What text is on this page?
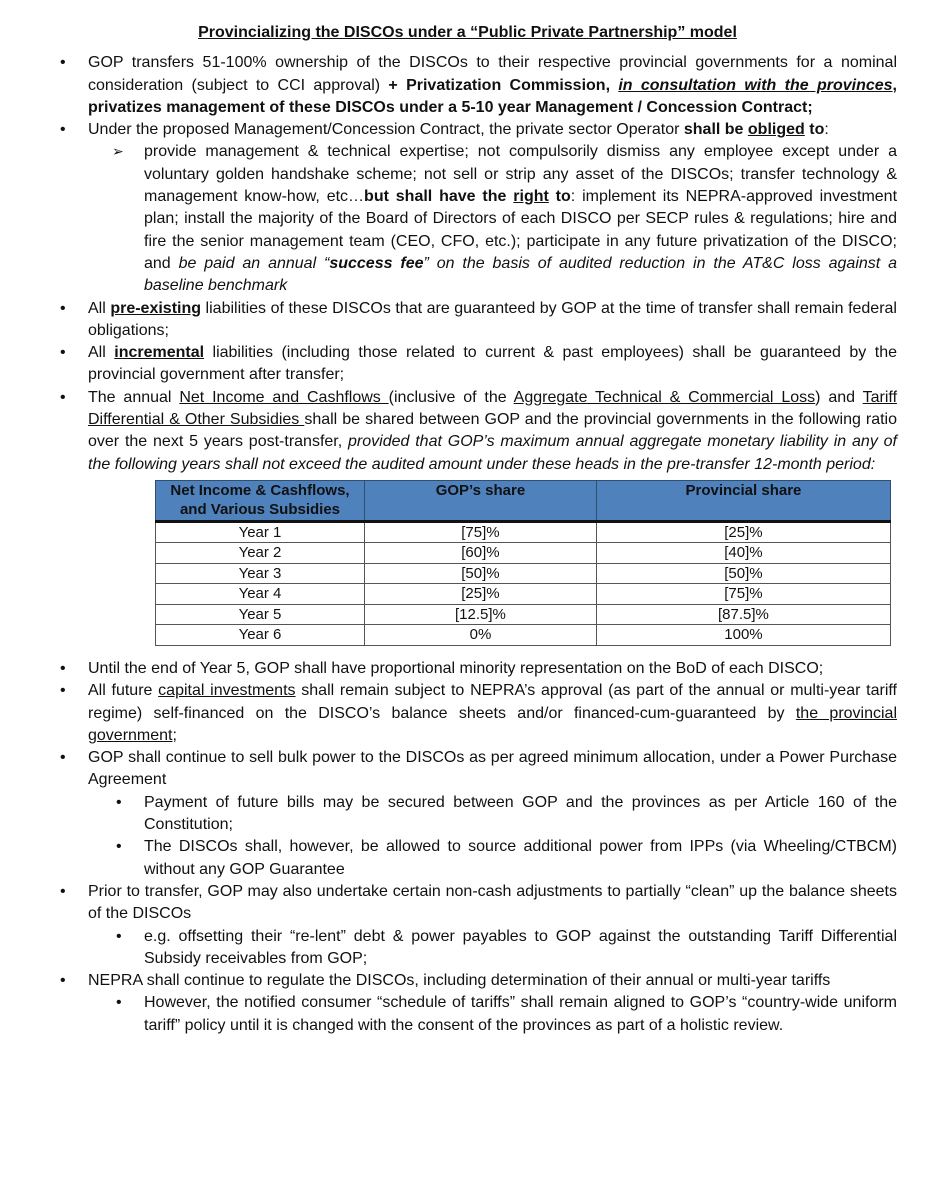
Provincializing the DISCOs under a “Public Private Partnership” model
• GOP transfers 51-100% ownership of the DISCOs to their respective provincial governments for a nominal consideration (subject to CCI approval) + Privatization Commission, in consultation with the provinces, privatizes management of these DISCOs under a 5-10 year Management / Concession Contract;
• Under the proposed Management/Concession Contract, the private sector Operator shall be obliged to:
➢ provide management & technical expertise; not compulsorily dismiss any employee except under a voluntary golden handshake scheme; not sell or strip any asset of the DISCOs; transfer technology & management know-how, etc…but shall have the right to: implement its NEPRA-approved investment plan; install the majority of the Board of Directors of each DISCO per SECP rules & regulations; hire and fire the senior management team (CEO, CFO, etc.); participate in any future privatization of the DISCO; and be paid an annual “success fee” on the basis of audited reduction in the AT&C loss against a baseline benchmark
• All pre-existing liabilities of these DISCOs that are guaranteed by GOP at the time of transfer shall remain federal obligations;
• All incremental liabilities (including those related to current & past employees) shall be guaranteed by the provincial government after transfer;
• The annual Net Income and Cashflows (inclusive of the Aggregate Technical & Commercial Loss) and Tariff Differential & Other Subsidies shall be shared between GOP and the provincial governments in the following ratio over the next 5 years post-transfer, provided that GOP’s maximum annual aggregate monetary liability in any of the following years shall not exceed the audited amount under these heads in the pre-transfer 12-month period:
Net Income & Cashflows, and Various Subsidies	GOP’s share	Provincial share
Year 1	[75]%	[25]%
Year 2	[60]%	[40]%
Year 3	[50]%	[50]%
Year 4	[25]%	[75]%
Year 5	[12.5]%	[87.5]%
Year 6	0%	100%
• Until the end of Year 5, GOP shall have proportional minority representation on the BoD of each DISCO;
• All future capital investments shall remain subject to NEPRA’s approval (as part of the annual or multi-year tariff regime) self-financed on the DISCO’s balance sheets and/or financed-cum-guaranteed by the provincial government;
• GOP shall continue to sell bulk power to the DISCOs as per agreed minimum allocation, under a Power Purchase Agreement
• Payment of future bills may be secured between GOP and the provinces as per Article 160 of the Constitution;
• The DISCOs shall, however, be allowed to source additional power from IPPs (via Wheeling/CTBCM) without any GOP Guarantee
• Prior to transfer, GOP may also undertake certain non-cash adjustments to partially “clean” up the balance sheets of the DISCOs
• e.g. offsetting their “re-lent” debt & power payables to GOP against the outstanding Tariff Differential Subsidy receivables from GOP;
• NEPRA shall continue to regulate the DISCOs, including determination of their annual or multi-year tariffs
• However, the notified consumer “schedule of tariffs” shall remain aligned to GOP’s “country-wide uniform tariff” policy until it is changed with the consent of the provinces as part of a holistic review.
